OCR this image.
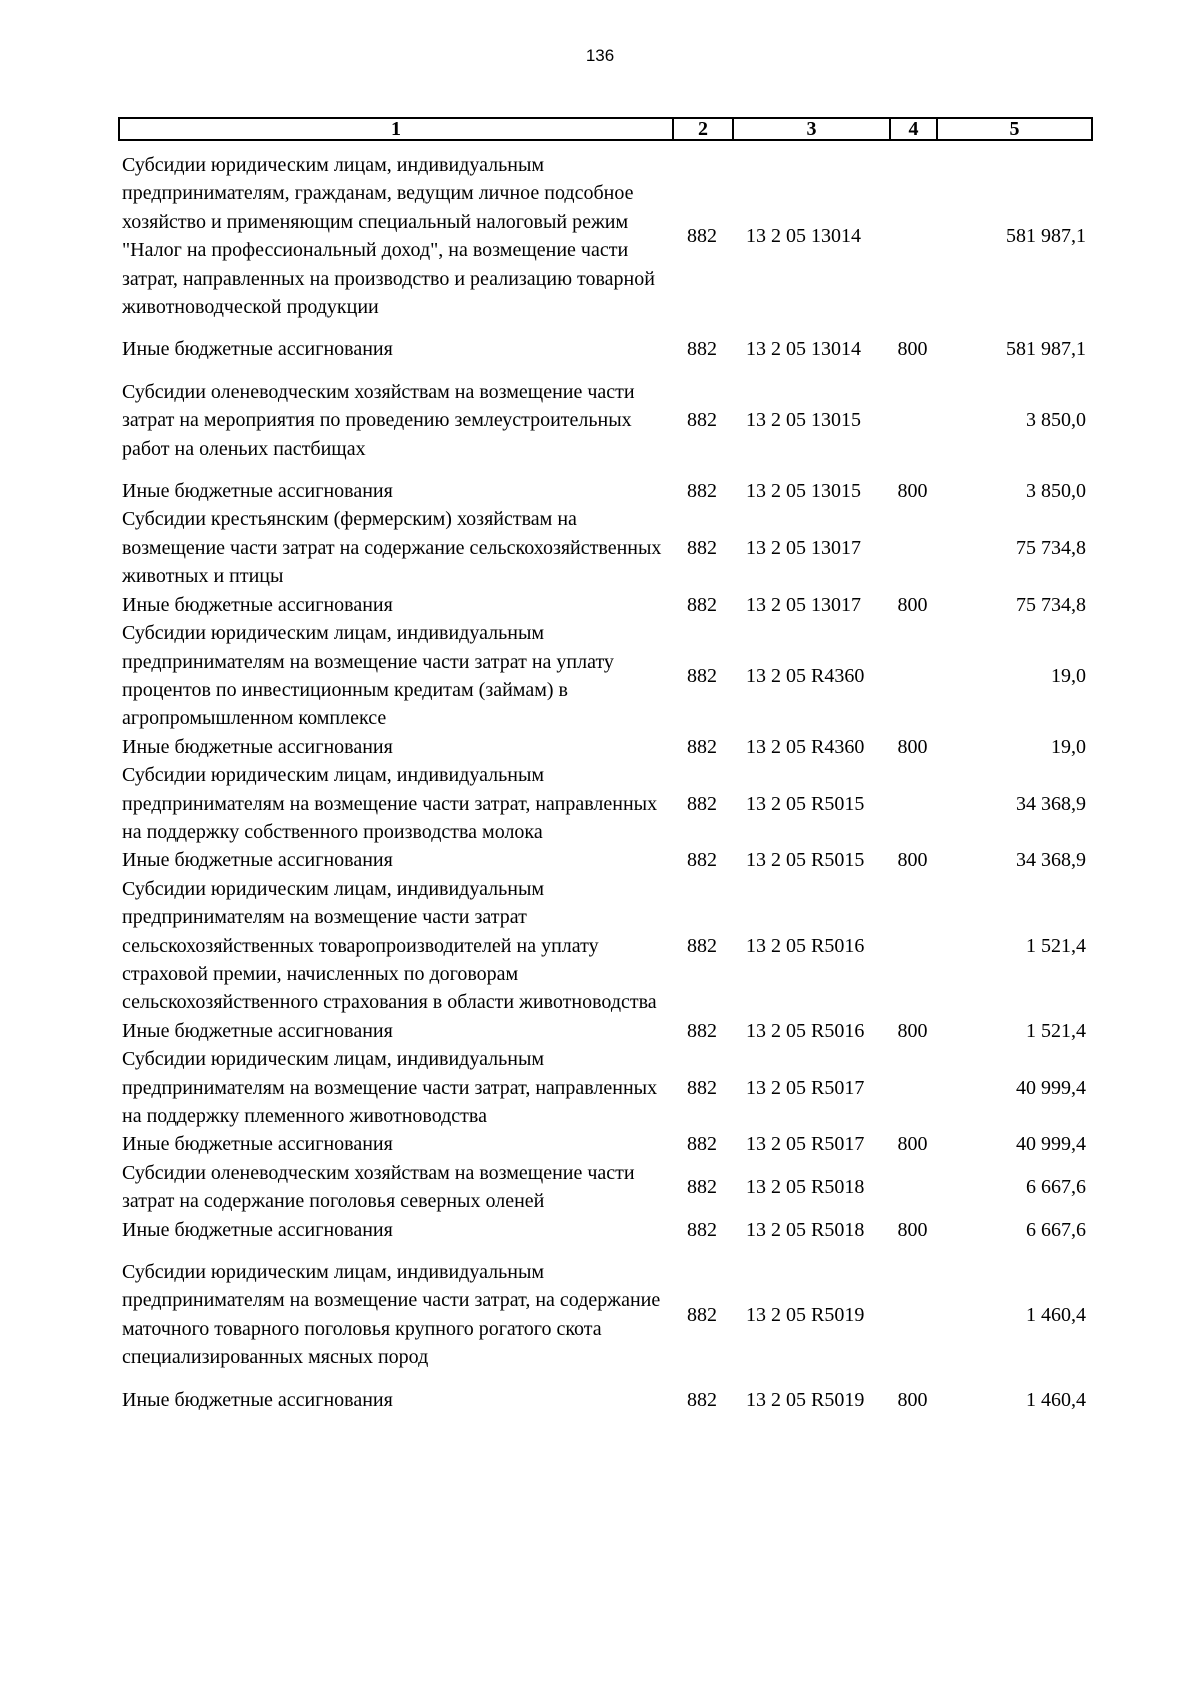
136
1	2	3	4	5
Субсидии юридическим лицам, индивидуальным предпринимателям, гражданам, ведущим личное подсобное хозяйство и применяющим специальный налоговый режим "Налог на профессиональный доход", на возмещение части затрат, направленных на производство и реализацию товарной животноводческой продукции	882	13 2 05 13014		581 987,1

Иные бюджетные ассигнования	882	13 2 05 13014	800	581 987,1

Субсидии оленеводческим хозяйствам на возмещение части затрат на мероприятия по проведению землеустроительных работ на оленьих пастбищах	882	13 2 05 13015		3 850,0

Иные бюджетные ассигнования	882	13 2 05 13015	800	3 850,0
Субсидии крестьянским (фермерским) хозяйствам на возмещение части затрат на содержание сельскохозяйственных животных и птицы	882	13 2 05 13017		75 734,8
Иные бюджетные ассигнования	882	13 2 05 13017	800	75 734,8
Субсидии юридическим лицам, индивидуальным предпринимателям на возмещение части затрат на уплату процентов по инвестиционным кредитам (займам) в агропромышленном комплексе	882	13 2 05 R4360		19,0
Иные бюджетные ассигнования	882	13 2 05 R4360	800	19,0
Субсидии юридическим лицам, индивидуальным предпринимателям на возмещение части затрат, направленных на поддержку собственного производства молока	882	13 2 05 R5015		34 368,9
Иные бюджетные ассигнования	882	13 2 05 R5015	800	34 368,9
Субсидии юридическим лицам, индивидуальным предпринимателям на возмещение части затрат сельскохозяйственных товаропроизводителей на уплату страховой премии, начисленных по договорам сельскохозяйственного страхования в области животноводства	882	13 2 05 R5016		1 521,4
Иные бюджетные ассигнования	882	13 2 05 R5016	800	1 521,4
Субсидии юридическим лицам, индивидуальным предпринимателям на возмещение части затрат, направленных на поддержку племенного животноводства	882	13 2 05 R5017		40 999,4
Иные бюджетные ассигнования	882	13 2 05 R5017	800	40 999,4
Субсидии оленеводческим хозяйствам на возмещение части затрат на содержание поголовья северных оленей	882	13 2 05 R5018		6 667,6
Иные бюджетные ассигнования	882	13 2 05 R5018	800	6 667,6

Субсидии юридическим лицам, индивидуальным предпринимателям на возмещение части затрат, на содержание маточного товарного поголовья крупного рогатого скота специализированных мясных пород	882	13 2 05 R5019		1 460,4

Иные бюджетные ассигнования	882	13 2 05 R5019	800	1 460,4
